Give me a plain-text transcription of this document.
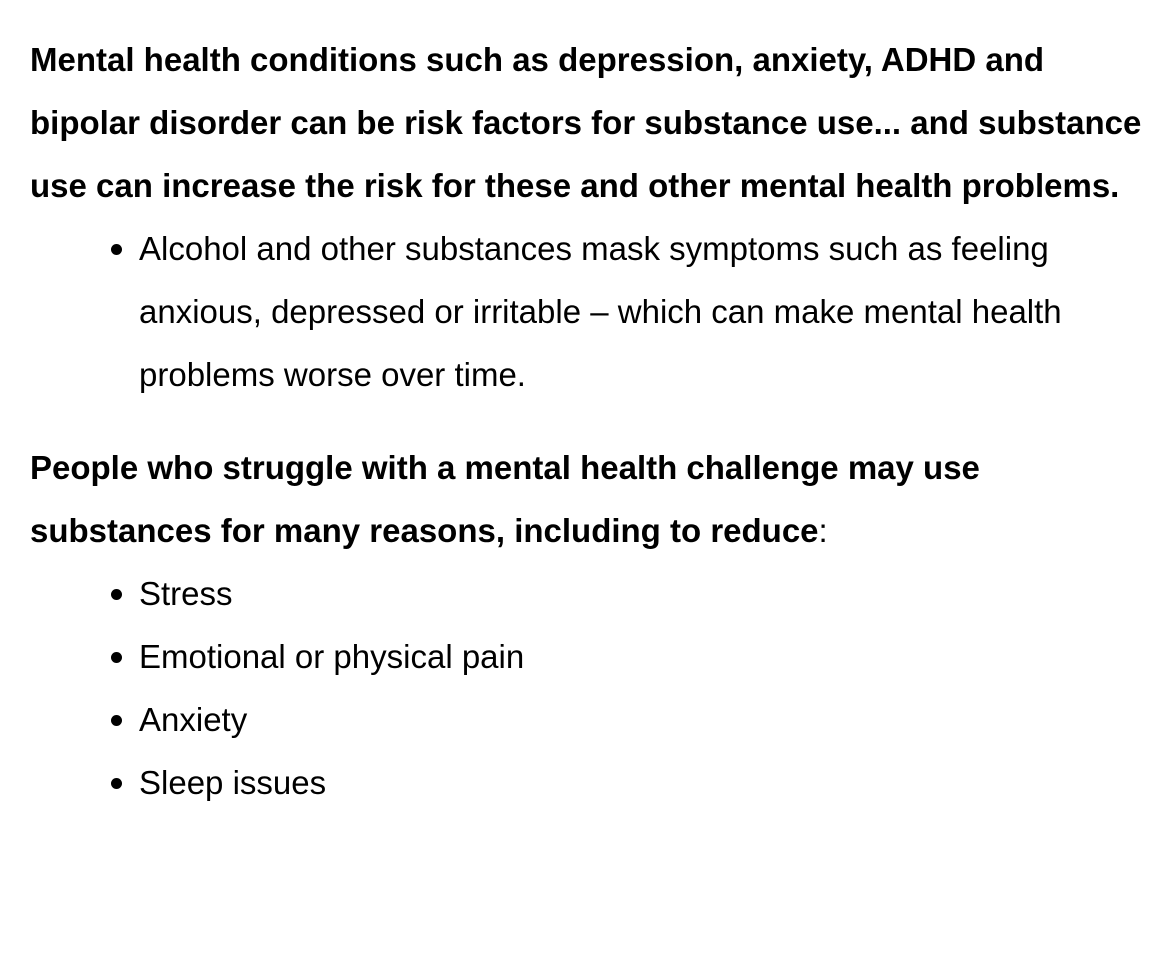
Mental health conditions such as depression, anxiety, ADHD and bipolar disorder can be risk factors for substance use... and substance use can increase the risk for these and other mental health problems.

Alcohol and other substances mask symptoms such as feeling anxious, depressed or irritable – which can make mental health problems worse over time.

People who struggle with a mental health challenge may use substances for many reasons, including to reduce:

Stress
Emotional or physical pain
Anxiety
Sleep issues
